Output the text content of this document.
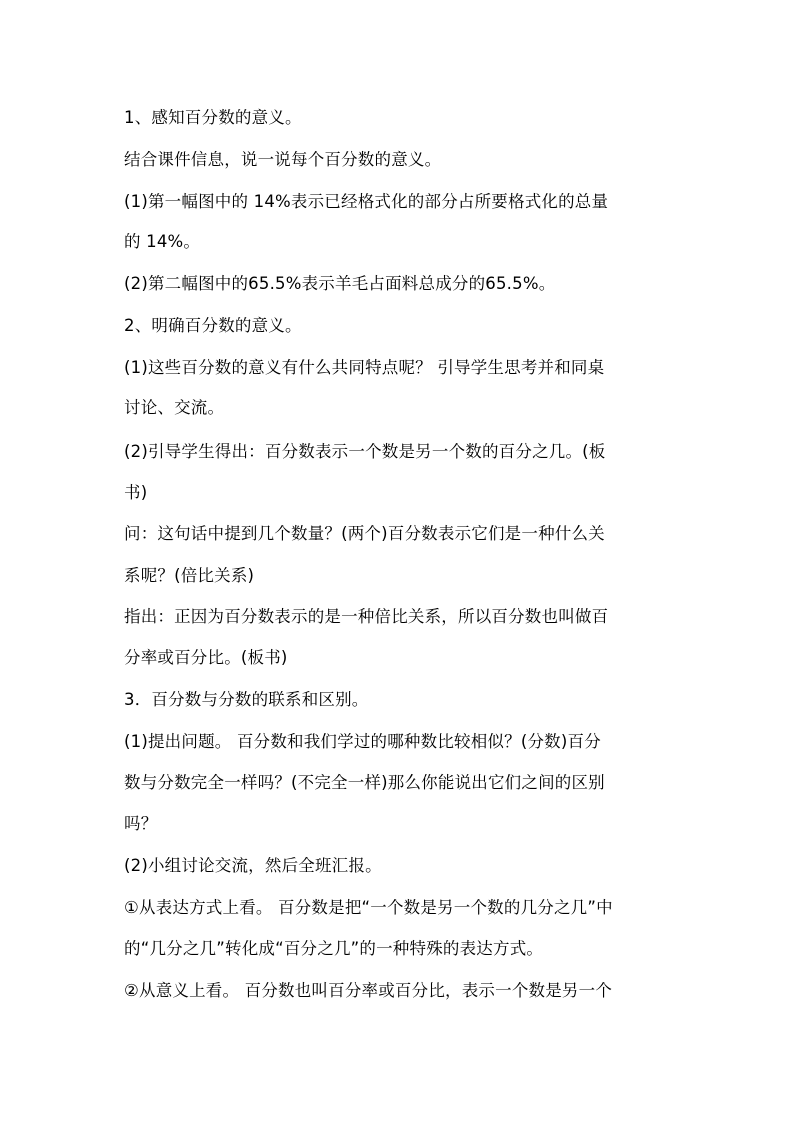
1、感知百分数的意义。
结合课件信息，说一说每个百分数的意义。
(1)第一幅图中的 14%表示已经格式化的部分占所要格式化的总量
的 14%。
(2)第二幅图中的65.5%表示羊毛占面料总成分的65.5%。
2、明确百分数的意义。
(1)这些百分数的意义有什么共同特点呢？ 引导学生思考并和同桌
讨论、交流。
(2)引导学生得出：百分数表示一个数是另一个数的百分之几。(板
书)
问：这句话中提到几个数量？(两个)百分数表示它们是一种什么关
系呢？(倍比关系)
指出：正因为百分数表示的是一种倍比关系，所以百分数也叫做百
分率或百分比。(板书)
3．百分数与分数的联系和区别。
(1)提出问题。 百分数和我们学过的哪种数比较相似？(分数)百分
数与分数完全一样吗？(不完全一样)那么你能说出它们之间的区别
吗？
(2)小组讨论交流，然后全班汇报。
①从表达方式上看。 百分数是把“一个数是另一个数的几分之几”中
的“几分之几”转化成“百分之几”的一种特殊的表达方式。
②从意义上看。 百分数也叫百分率或百分比，表示一个数是另一个
